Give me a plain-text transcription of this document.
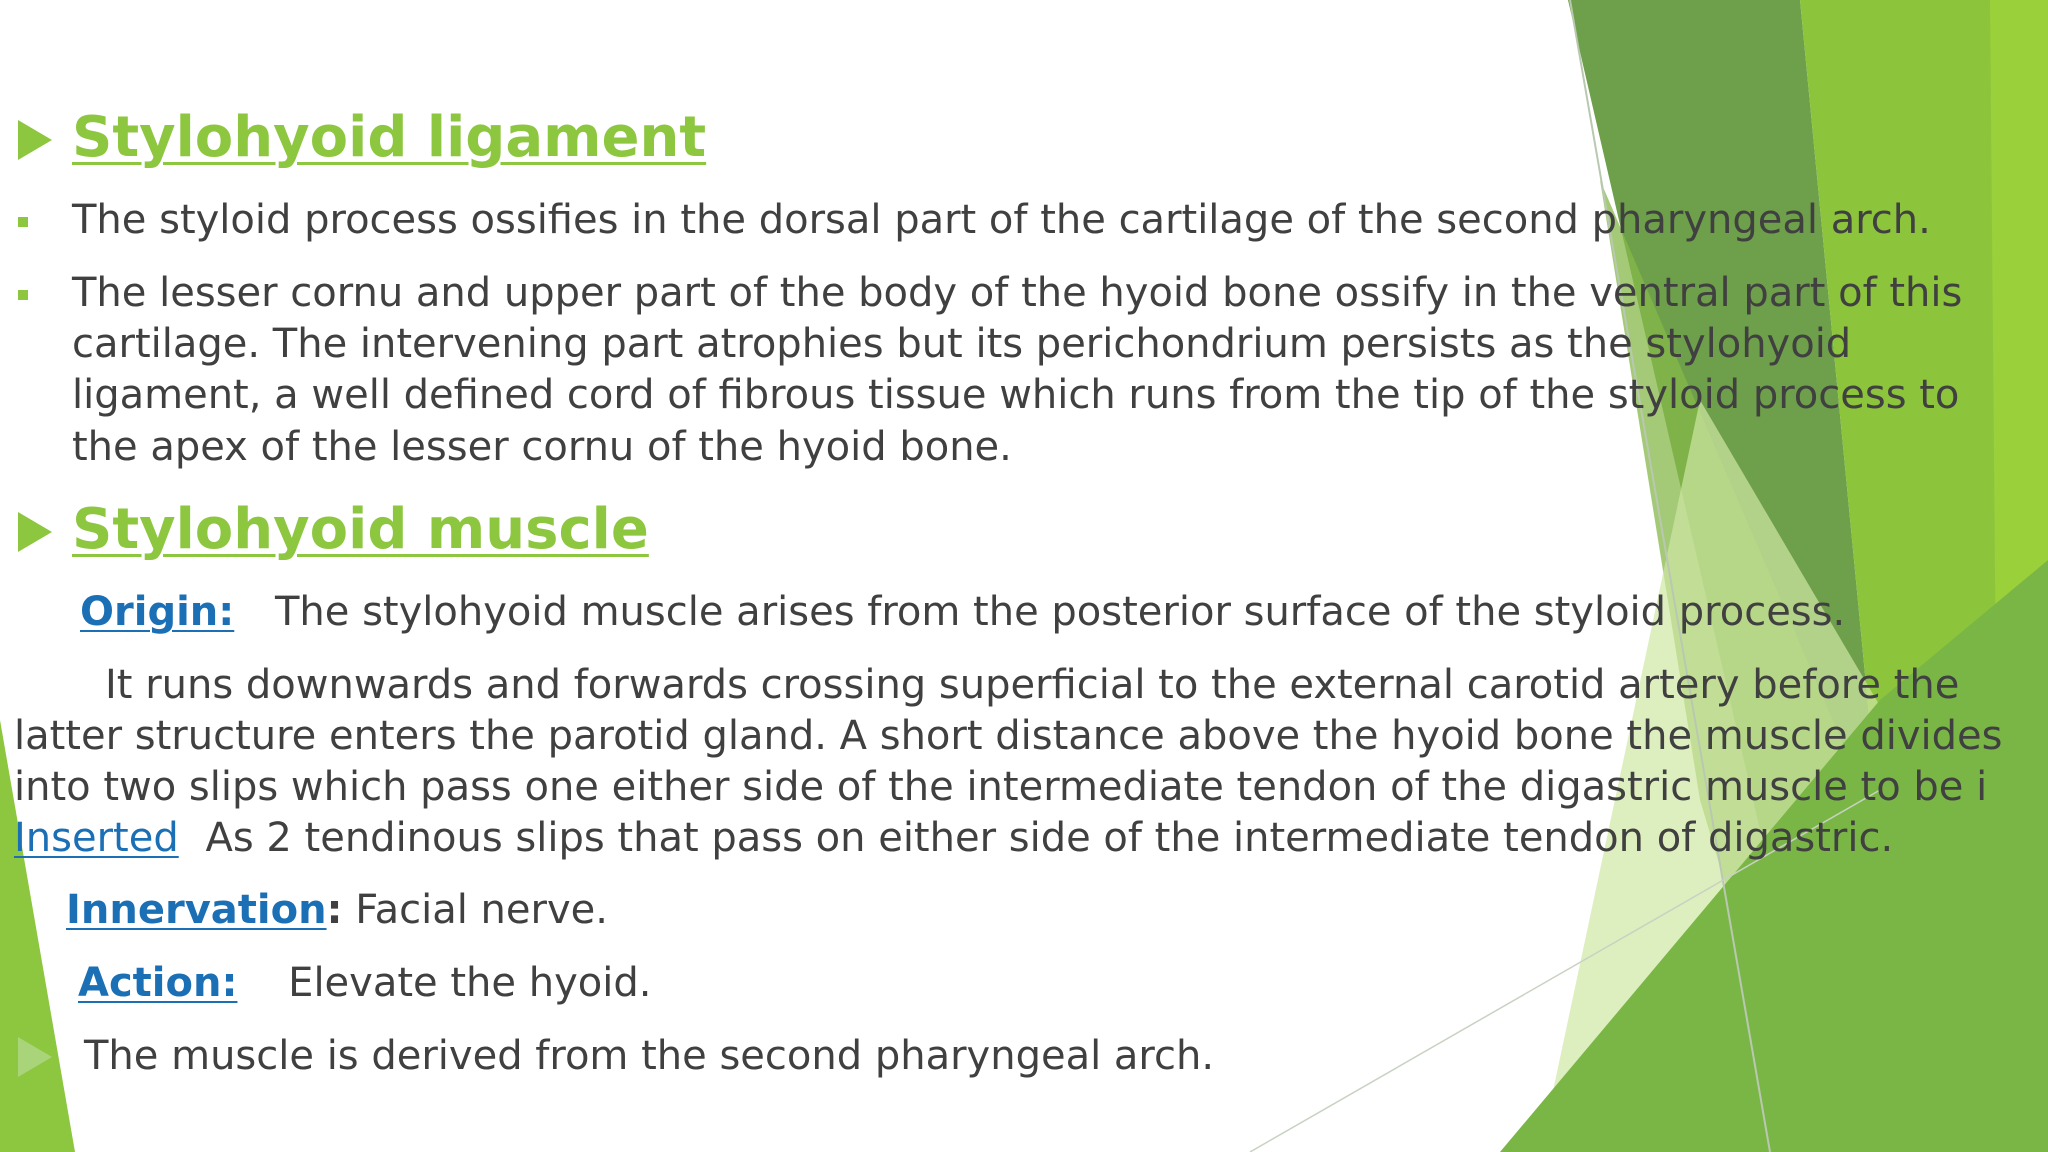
Stylohyoid ligament
The styloid process ossifies in the dorsal part of the cartilage of the second pharyngeal arch.
The lesser cornu and upper part of the body of the hyoid bone ossify in the ventral part of this
cartilage. The intervening part atrophies but its perichondrium persists as the stylohyoid
ligament, a well defined cord of fibrous tissue which runs from the tip of the styloid process to
the apex of the lesser cornu of the hyoid bone.
Stylohyoid muscle
Origin: The stylohyoid muscle arises from the posterior surface of the styloid process.
It runs downwards and forwards crossing superficial to the external carotid artery before the
latter structure enters the parotid gland. A short distance above the hyoid bone the muscle divides
into two slips which pass one either side of the intermediate tendon of the digastric muscle to be i
Inserted As 2 tendinous slips that pass on either side of the intermediate tendon of digastric.
Innervation: Facial nerve.
Action: Elevate the hyoid.
The muscle is derived from the second pharyngeal arch.
